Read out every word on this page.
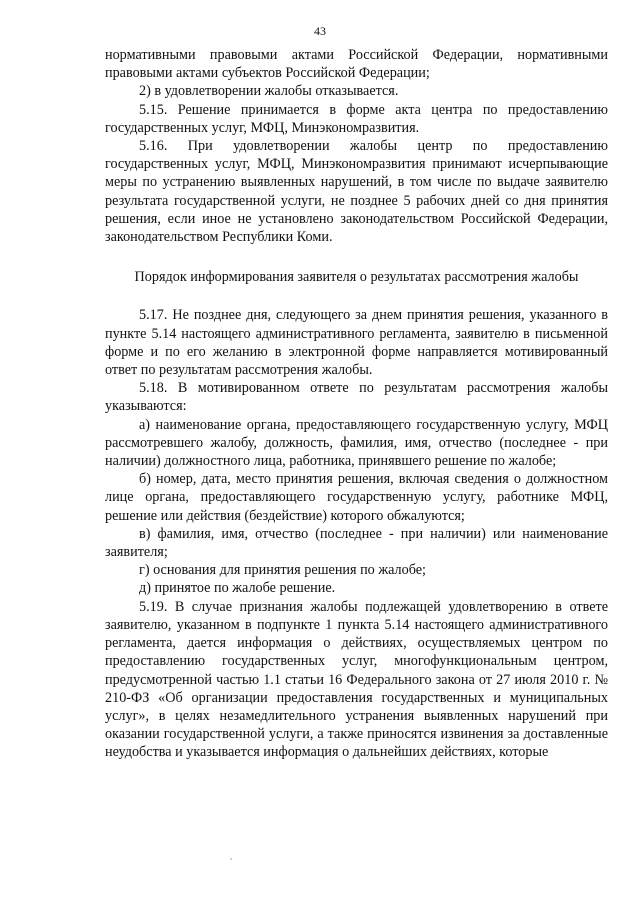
43

нормативными правовыми актами Российской Федерации, нормативными правовыми актами субъектов Российской Федерации;

2) в удовлетворении жалобы отказывается.

5.15. Решение принимается в форме акта центра по предоставлению государственных услуг, МФЦ, Минэкономразвития.

5.16. При удовлетворении жалобы центр по предоставлению государственных услуг, МФЦ, Минэкономразвития принимают исчерпывающие меры по устранению выявленных нарушений, в том числе по выдаче заявителю результата государственной услуги, не позднее 5 рабочих дней со дня принятия решения, если иное не установлено законодательством Российской Федерации, законодательством Республики Коми.

Порядок информирования заявителя о результатах рассмотрения жалобы

5.17. Не позднее дня, следующего за днем принятия решения, указанного в пункте 5.14 настоящего административного регламента, заявителю в письменной форме и по его желанию в электронной форме направляется мотивированный ответ по результатам рассмотрения жалобы.

5.18. В мотивированном ответе по результатам рассмотрения жалобы указываются:

а) наименование органа, предоставляющего государственную услугу, МФЦ рассмотревшего жалобу, должность, фамилия, имя, отчество (последнее - при наличии) должностного лица, работника, принявшего решение по жалобе;

б) номер, дата, место принятия решения, включая сведения о должностном лице органа, предоставляющего государственную услугу, работнике МФЦ, решение или действия (бездействие) которого обжалуются;

в) фамилия, имя, отчество (последнее - при наличии) или наименование заявителя;

г) основания для принятия решения по жалобе;

д) принятое по жалобе решение.

5.19. В случае признания жалобы подлежащей удовлетворению в ответе заявителю, указанном в подпункте 1 пункта 5.14 настоящего административного регламента, дается информация о действиях, осуществляемых центром по предоставлению государственных услуг, многофункциональным центром, предусмотренной частью 1.1 статьи 16 Федерального закона от 27 июля 2010 г. № 210-ФЗ «Об организации предоставления государственных и муниципальных услуг», в целях незамедлительного устранения выявленных нарушений при оказании государственной услуги, а также приносятся извинения за доставленные неудобства и указывается информация о дальнейших действиях, которые
